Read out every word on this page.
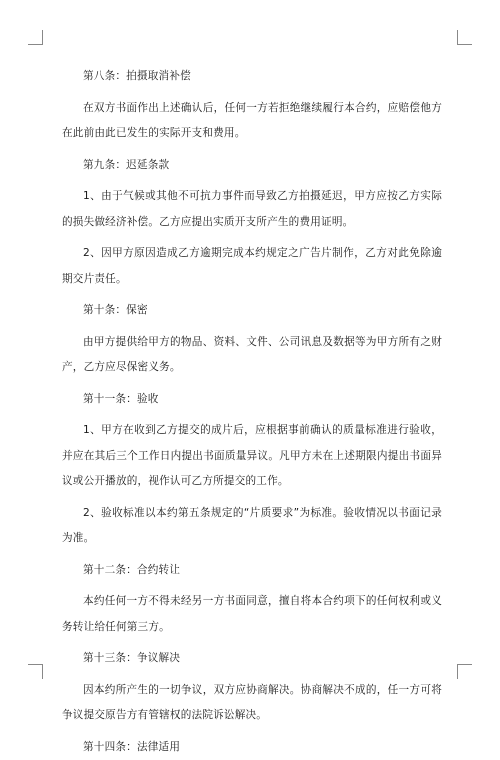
第八条：拍摄取消补偿

在双方书面作出上述确认后，任何一方若拒绝继续履行本合约，应赔偿他方在此前由此已发生的实际开支和费用。

第九条：迟延条款

1、由于气候或其他不可抗力事件而导致乙方拍摄延迟，甲方应按乙方实际的损失做经济补偿。乙方应提出实质开支所产生的费用证明。

2、因甲方原因造成乙方逾期完成本约规定之广告片制作，乙方对此免除逾期交片责任。

第十条：保密

由甲方提供给甲方的物品、资料、文件、公司讯息及数据等为甲方所有之财产，乙方应尽保密义务。

第十一条：验收

1、甲方在收到乙方提交的成片后，应根据事前确认的质量标准进行验收，并应在其后三个工作日内提出书面质量异议。凡甲方未在上述期限内提出书面异议或公开播放的，视作认可乙方所提交的工作。

2、验收标准以本约第五条规定的“片质要求”为标准。验收情况以书面记录为准。

第十二条：合约转让

本约任何一方不得未经另一方书面同意，擅自将本合约项下的任何权利或义务转让给任何第三方。

第十三条：争议解决

因本约所产生的一切争议，双方应协商解决。协商解决不成的，任一方可将争议提交原告方有管辖权的法院诉讼解决。

第十四条：法律适用
